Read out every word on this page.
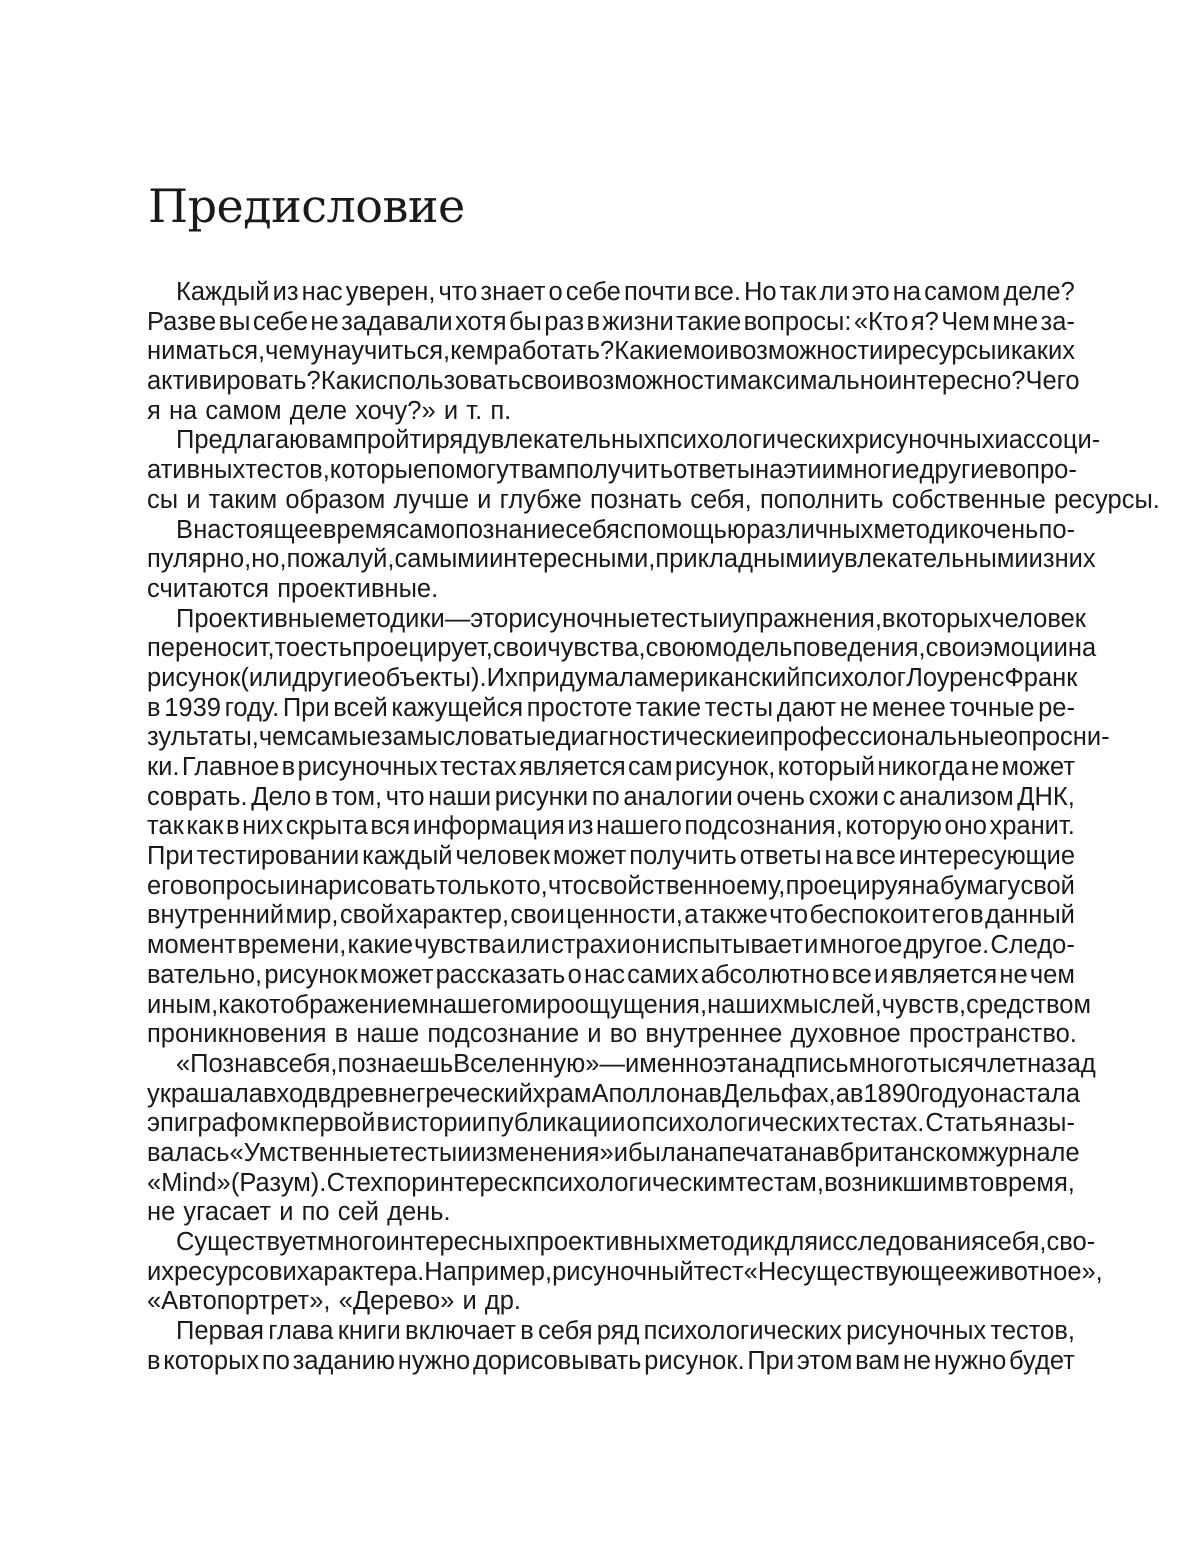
Предисловие
Каждый из нас уверен, что знает о себе почти все. Но так ли это на самом деле?
Разве вы себе не задавали хотя бы раз в жизни такие вопросы: «Кто я? Чем мне за-
ниматься, чему научиться, кем работать? Какие мои возможности и ресурсы и как их
активировать? Как использовать свои возможности максимально интересно? Чего
я на самом деле хочу?» и т. п.
Предлагаю вам пройти ряд увлекательных психологических рисуночных и ассоци-
ативных тестов, которые помогут вам получить ответы на эти и многие другие вопро-
сы и таким образом лучше и глубже познать себя, пополнить собственные ресурсы.
В настоящее время самопознание себя с помощью различных методик очень по-
пулярно, но, пожалуй, самыми интересными, прикладными и увлекательными из них
считаются проективные.
Проективные методики — это рисуночные тесты и упражнения, в которых человек
переносит, то есть проецирует, свои чувства, свою модель поведения, свои эмоции на
рисунок (или другие объекты). Их придумал американский психолог Лоуренс Франк
в 1939 году. При всей кажущейся простоте такие тесты дают не менее точные ре-
зультаты, чем самые замысловатые диагностические и профессиональные опросни-
ки. Главное в рисуночных тестах является сам рисунок, который никогда не может
соврать. Дело в том, что наши рисунки по аналогии очень схожи с анализом ДНК,
так как в них скрыта вся информация из нашего подсознания, которую оно хранит.
При тестировании каждый человек может получить ответы на все интересующие
его вопросы и нарисовать только то, что свойственно ему, проецируя на бумагу свой
внутренний мир, свой характер, свои ценности, а также что беспокоит его в данный
момент времени, какие чувства или страхи он испытывает и многое другое. Следо-
вательно, рисунок может рассказать о нас самих абсолютно все и является не чем
иным, как отображением нашего мироощущения, наших мыслей, чувств, средством
проникновения в наше подсознание и во внутреннее духовное пространство.
«Познав себя, познаешь Вселенную» — именно эта надпись много тысяч лет назад
украшала вход в древнегреческий храм Аполлона в Дельфах, а в 1890 году она стала
эпиграфом к первой в истории публикации о психологических тестах. Статья назы-
валась «Умственные тесты и изменения» и была напечатана в британском журнале
«Mind» (Разум). С тех пор интерес к психологическим тестам, возникшим в то время,
не угасает и по сей день.
Существует много интересных проективных методик для исследования себя, сво-
их ресурсов и характера. Например, рисуночный тест «Несуществующее животное»,
«Автопортрет», «Дерево» и др.
Первая глава книги включает в себя ряд психологических рисуночных тестов,
в которых по заданию нужно дорисовывать рисунок. При этом вам не нужно будет
